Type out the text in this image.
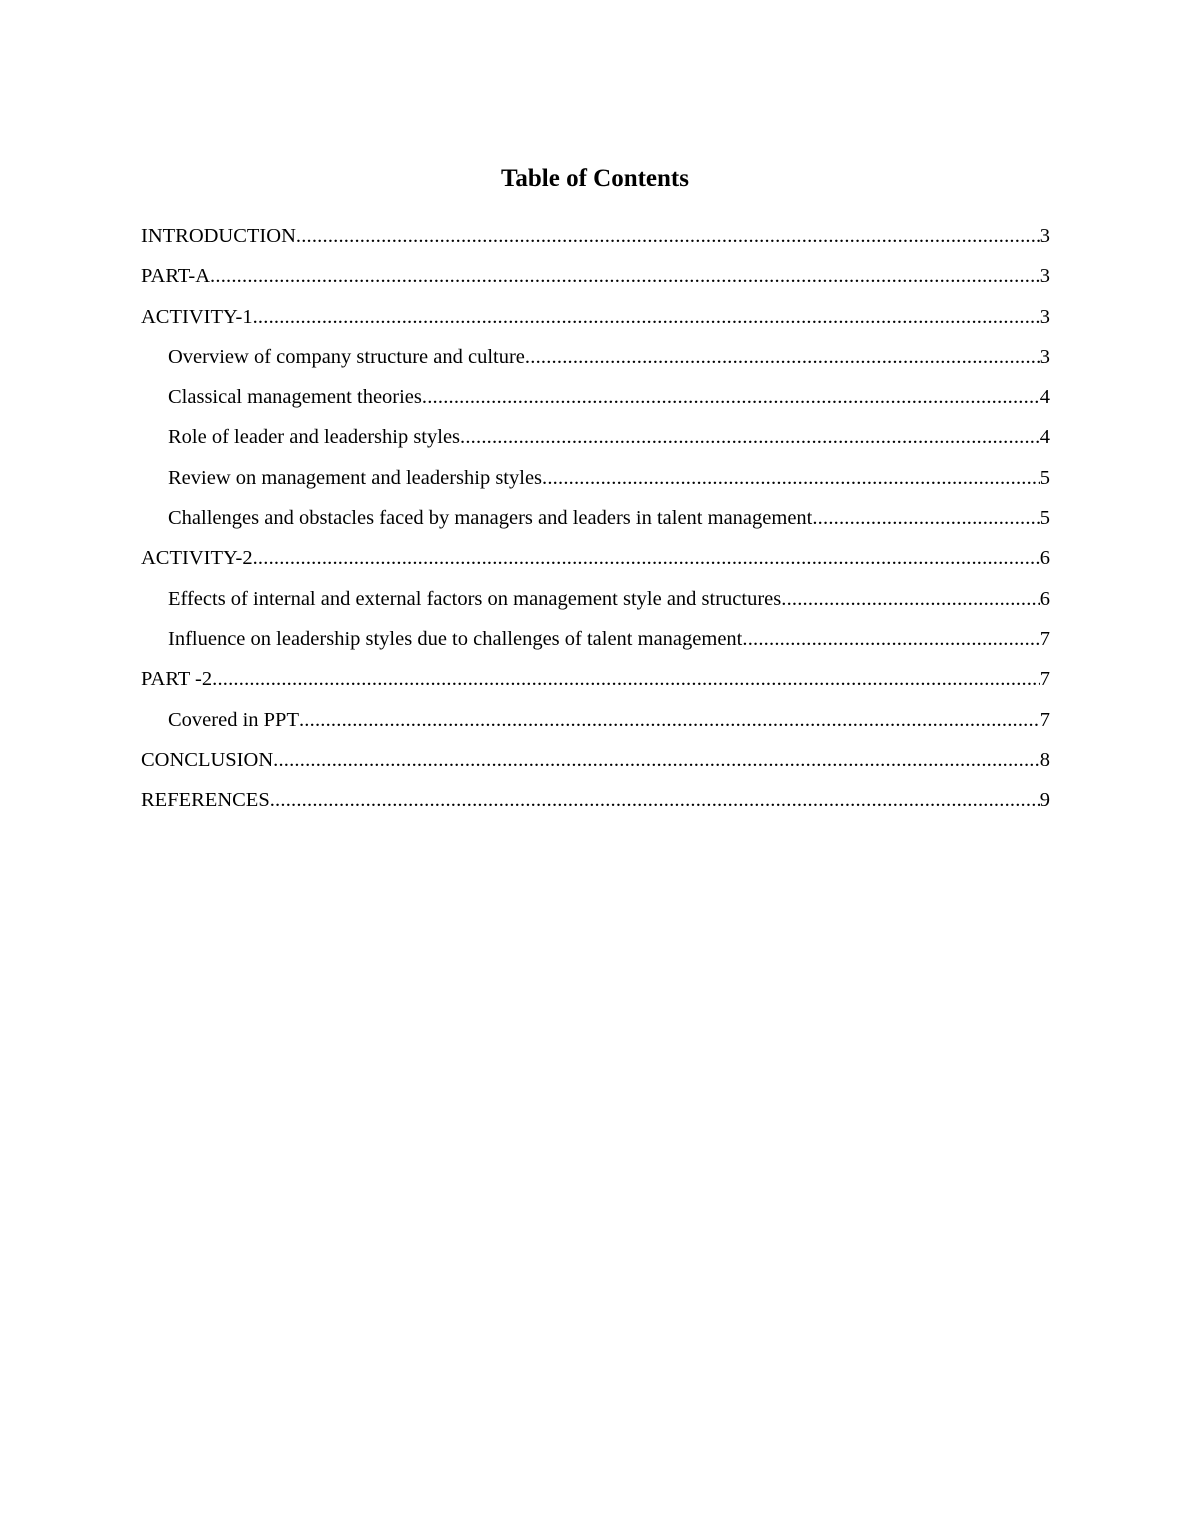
Table of Contents
INTRODUCTION .....	3
PART-A .....	3
ACTIVITY-1 .....	3
Overview of company structure and culture .....	3
Classical management theories .....	4
Role of leader and leadership styles .....	4
Review on management and leadership styles .....	5
Challenges and obstacles faced by managers and leaders in talent management .....	5
ACTIVITY-2 .....	6
Effects of internal and external factors on management style and structures .....	6
Influence on leadership styles due to challenges of talent management .....	7
PART -2 .....	7
Covered in PPT .....	7
CONCLUSION .....	8
REFERENCES .....	9
